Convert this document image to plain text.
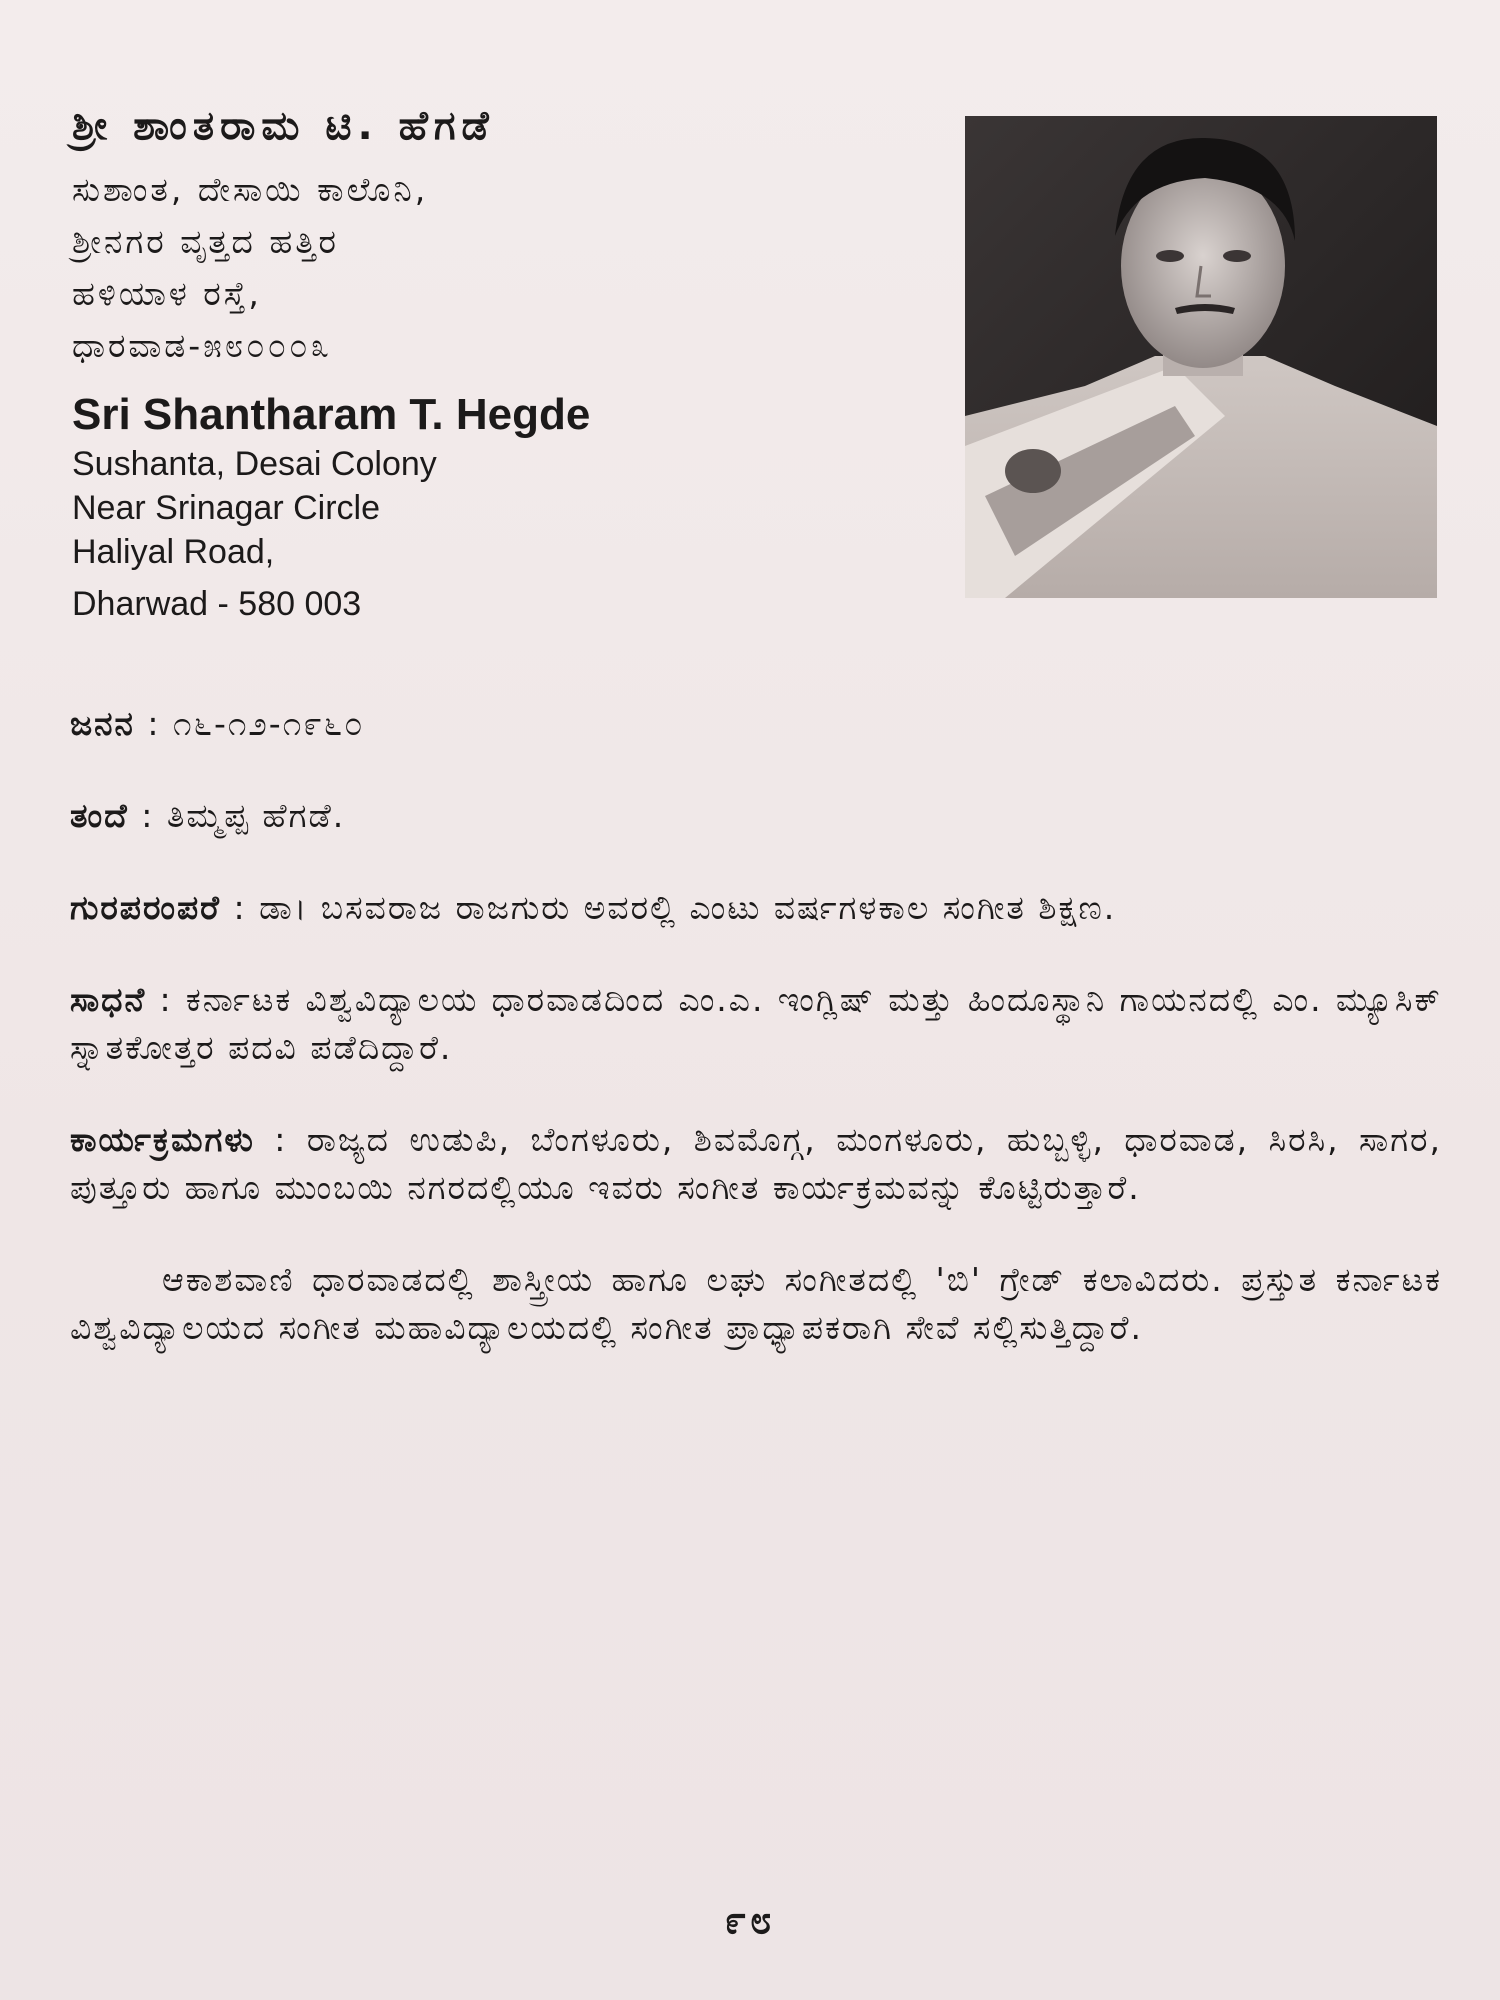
ಶ್ರೀ ಶಾಂತರಾಮ ಟಿ. ಹೆಗಡೆ
ಸುಶಾಂತ, ದೇಸಾಯಿ ಕಾಲೊನಿ,
ಶ್ರೀನಗರ ವೃತ್ತದ ಹತ್ತಿರ
ಹಳಿಯಾಳ ರಸ್ತೆ,
ಧಾರವಾಡ-೫೮೦೦೦೩
Sri Shantharam T. Hegde
Sushanta, Desai Colony
Near Srinagar Circle
Haliyal Road,
Dharwad - 580 003

ಜನನ : ೧೬-೧೨-೧೯೬೦

ತಂದೆ : ತಿಮ್ಮಪ್ಪ ಹೆಗಡೆ.

ಗುರಪರಂಪರೆ : ಡಾ। ಬಸವರಾಜ ರಾಜಗುರು ಅವರಲ್ಲಿ ಎಂಟು ವರ್ಷಗಳಕಾಲ ಸಂಗೀತ ಶಿಕ್ಷಣ.

ಸಾಧನೆ : ಕರ್ನಾಟಕ ವಿಶ್ವವಿದ್ಯಾಲಯ ಧಾರವಾಡದಿಂದ ಎಂ.ಎ. ಇಂಗ್ಲಿಷ್ ಮತ್ತು ಹಿಂದೂಸ್ಥಾನಿ ಗಾಯನದಲ್ಲಿ ಎಂ. ಮ್ಯೂಸಿಕ್ ಸ್ನಾತಕೋತ್ತರ ಪದವಿ ಪಡೆದಿದ್ದಾರೆ.

ಕಾರ್ಯಕ್ರಮಗಳು : ರಾಜ್ಯದ ಉಡುಪಿ, ಬೆಂಗಳೂರು, ಶಿವಮೊಗ್ಗ, ಮಂಗಳೂರು, ಹುಬ್ಬಳ್ಳಿ, ಧಾರವಾಡ, ಸಿರಸಿ, ಸಾಗರ, ಪುತ್ತೂರು ಹಾಗೂ ಮುಂಬಯಿ ನಗರದಲ್ಲಿಯೂ ಇವರು ಸಂಗೀತ ಕಾರ್ಯಕ್ರಮವನ್ನು ಕೊಟ್ಟಿರುತ್ತಾರೆ.

ಆಕಾಶವಾಣಿ ಧಾರವಾಡದಲ್ಲಿ ಶಾಸ್ತ್ರೀಯ ಹಾಗೂ ಲಘು ಸಂಗೀತದಲ್ಲಿ 'ಬಿ' ಗ್ರೇಡ್ ಕಲಾವಿದರು. ಪ್ರಸ್ತುತ ಕರ್ನಾಟಕ ವಿಶ್ವವಿದ್ಯಾಲಯದ ಸಂಗೀತ ಮಹಾವಿದ್ಯಾಲಯದಲ್ಲಿ ಸಂಗೀತ ಪ್ರಾಧ್ಯಾಪಕರಾಗಿ ಸೇವೆ ಸಲ್ಲಿಸುತ್ತಿದ್ದಾರೆ.

೯೮
